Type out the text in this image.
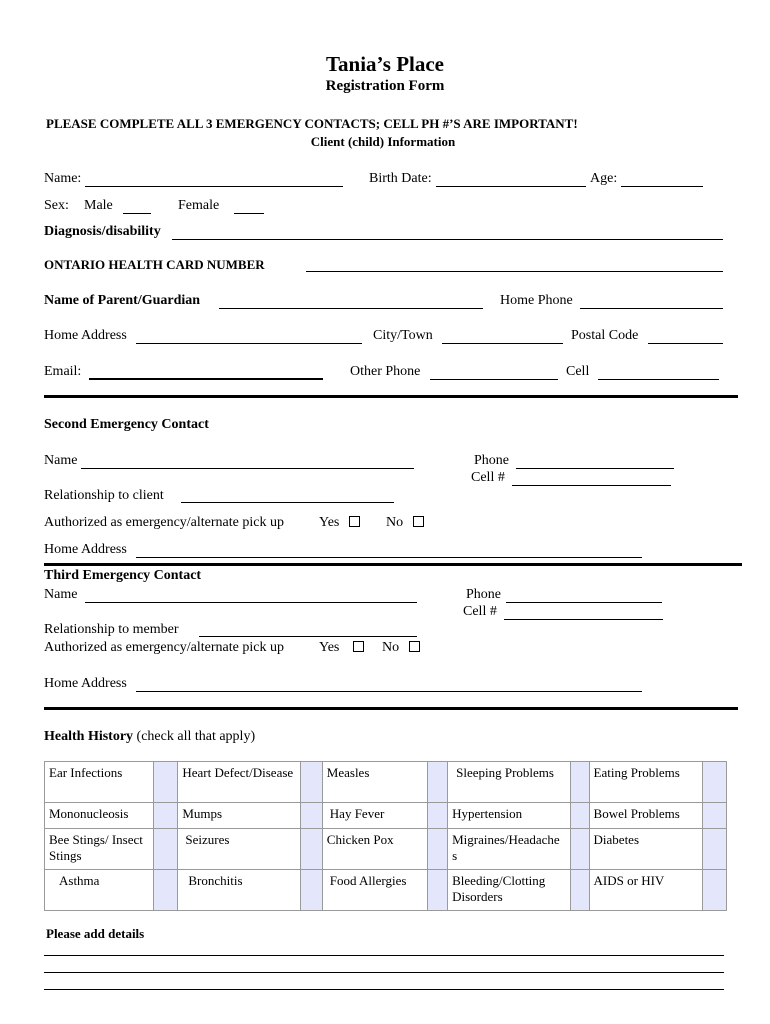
Tania’s Place
Registration Form
PLEASE COMPLETE ALL 3 EMERGENCY CONTACTS; CELL PH #’S ARE IMPORTANT!
Client (child) Information
Name:	Birth Date:	Age:
Sex: Male	Female
Diagnosis/disability
ONTARIO HEALTH CARD NUMBER
Name of Parent/Guardian	Home Phone
Home Address	City/Town	Postal Code
Email:	Other Phone	Cell
Second Emergency Contact
Name	Phone
Cell #
Relationship to client
Authorized as emergency/alternate pick up	Yes	No
Home Address
Third Emergency Contact
Name	Phone
Cell #
Relationship to member
Authorized as emergency/alternate pick up	Yes	No
Home Address
Health History (check all that apply)
Ear Infections		Heart Defect/Disease		Measles		Sleeping Problems		Eating Problems	
Mononucleosis		Mumps		Hay Fever		Hypertension		Bowel Problems	
Bee Stings/ Insect Stings		Seizures		Chicken Pox		Migraines/Headache s		Diabetes	
Asthma		Bronchitis		Food Allergies		Bleeding/Clotting Disorders		AIDS or HIV	
Please add details
